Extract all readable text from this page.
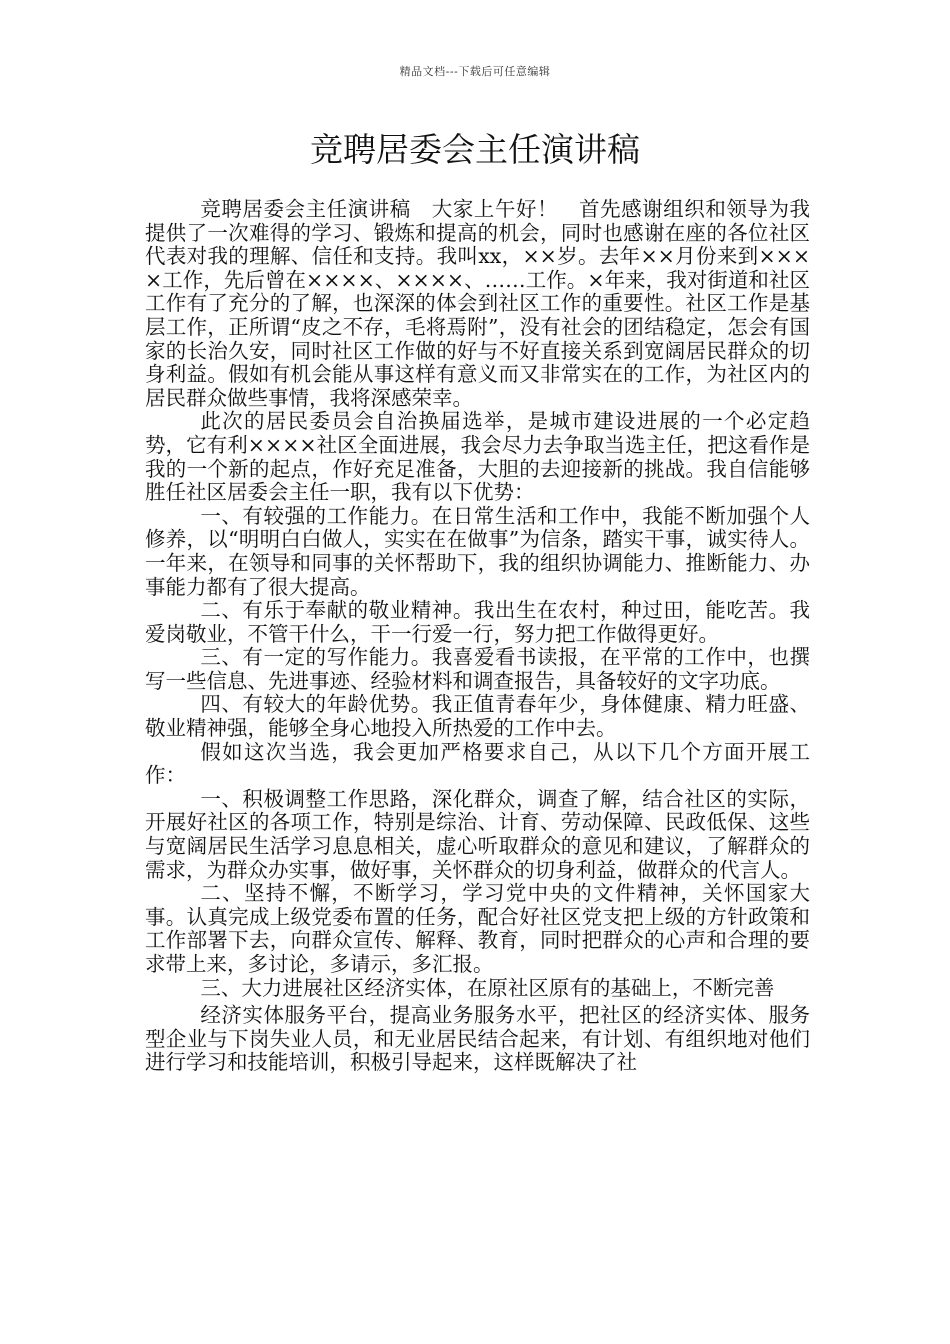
精品文档---下载后可任意编辑
竞聘居委会主任演讲稿

竞聘居委会主任演讲稿　大家上午好！　首先感谢组织和领导为我提供了一次难得的学习、锻炼和提高的机会，同时也感谢在座的各位社区代表对我的理解、信任和支持。我叫xx，××岁。去年××月份来到××××工作，先后曾在××××、××××、……工作。×年来，我对街道和社区工作有了充分的了解，也深深的体会到社区工作的重要性。社区工作是基层工作，正所谓“皮之不存，毛将焉附”，没有社会的团结稳定，怎会有国家的长治久安，同时社区工作做的好与不好直接关系到宽阔居民群众的切身利益。假如有机会能从事这样有意义而又非常实在的工作，为社区内的居民群众做些事情，我将深感荣幸。

此次的居民委员会自治换届选举，是城市建设进展的一个必定趋势，它有利××××社区全面进展，我会尽力去争取当选主任，把这看作是我的一个新的起点，作好充足准备，大胆的去迎接新的挑战。我自信能够胜任社区居委会主任一职，我有以下优势：

一、有较强的工作能力。在日常生活和工作中，我能不断加强个人修养，以“明明白白做人，实实在在做事”为信条，踏实干事，诚实待人。一年来，在领导和同事的关怀帮助下，我的组织协调能力、推断能力、办事能力都有了很大提高。

二、有乐于奉献的敬业精神。我出生在农村，种过田，能吃苦。我爱岗敬业，不管干什么，干一行爱一行，努力把工作做得更好。

三、有一定的写作能力。我喜爱看书读报，在平常的工作中，也撰写一些信息、先进事迹、经验材料和调查报告，具备较好的文字功底。

四、有较大的年龄优势。我正值青春年少，身体健康、精力旺盛、敬业精神强，能够全身心地投入所热爱的工作中去。

假如这次当选，我会更加严格要求自己，从以下几个方面开展工作：

一、积极调整工作思路，深化群众，调查了解，结合社区的实际，开展好社区的各项工作，特别是综治、计育、劳动保障、民政低保、这些与宽阔居民生活学习息息相关，虚心听取群众的意见和建议，了解群众的需求，为群众办实事，做好事，关怀群众的切身利益，做群众的代言人。

二、坚持不懈，不断学习，学习党中央的文件精神，关怀国家大事。认真完成上级党委布置的任务，配合好社区党支把上级的方针政策和工作部署下去，向群众宣传、解释、教育，同时把群众的心声和合理的要求带上来，多讨论，多请示，多汇报。

三、大力进展社区经济实体，在原社区原有的基础上，不断完善

经济实体服务平台，提高业务服务水平，把社区的经济实体、服务型企业与下岗失业人员，和无业居民结合起来，有计划、有组织地对他们进行学习和技能培训，积极引导起来，这样既解决了社
